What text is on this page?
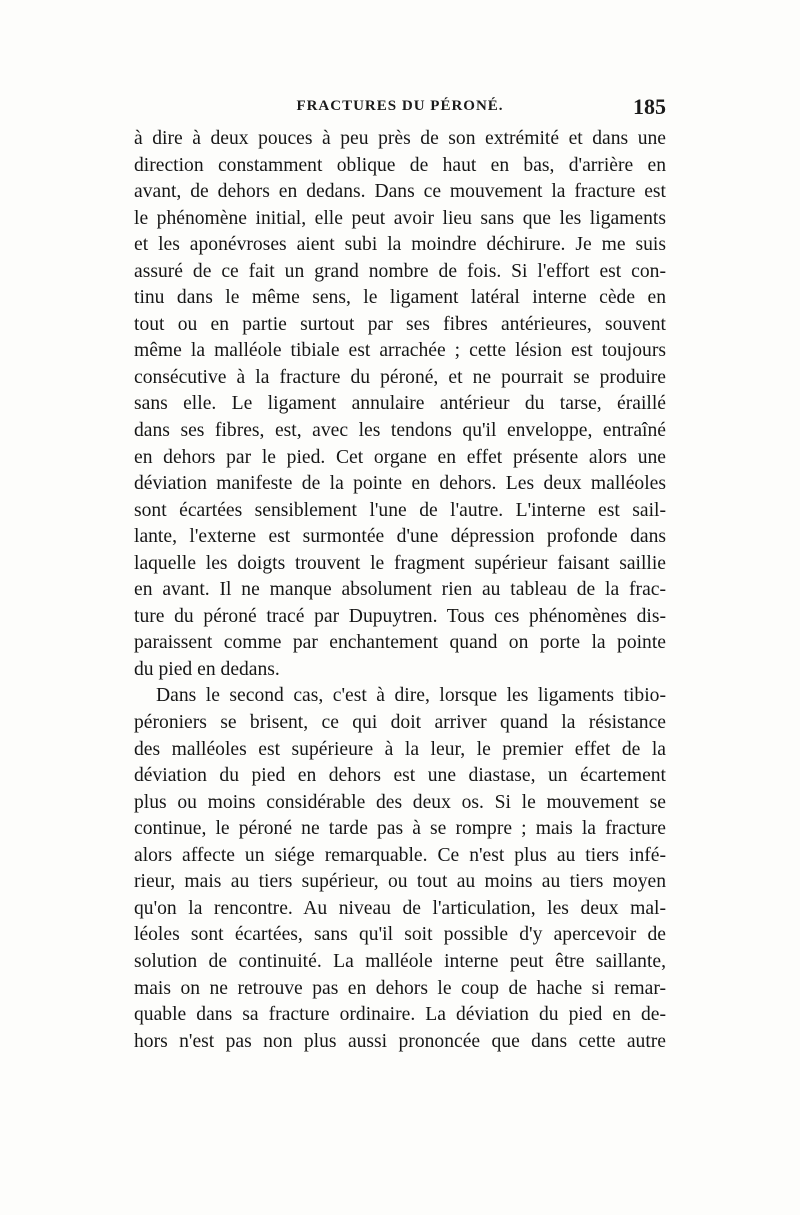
FRACTURES DU PÉRONÉ.	185
à dire à deux pouces à peu près de son extrémité et dans une
direction constamment oblique de haut en bas, d'arrière en
avant, de dehors en dedans. Dans ce mouvement la fracture est
le phénomène initial, elle peut avoir lieu sans que les ligaments
et les aponévroses aient subi la moindre déchirure. Je me suis
assuré de ce fait un grand nombre de fois. Si l'effort est con-
tinu dans le même sens, le ligament latéral interne cède en
tout ou en partie surtout par ses fibres antérieures, souvent
même la malléole tibiale est arrachée ; cette lésion est toujours
consécutive à la fracture du péroné, et ne pourrait se produire
sans elle. Le ligament annulaire antérieur du tarse, éraillé
dans ses fibres, est, avec les tendons qu'il enveloppe, entraîné
en dehors par le pied. Cet organe en effet présente alors une
déviation manifeste de la pointe en dehors. Les deux malléoles
sont écartées sensiblement l'une de l'autre. L'interne est sail-
lante, l'externe est surmontée d'une dépression profonde dans
laquelle les doigts trouvent le fragment supérieur faisant saillie
en avant. Il ne manque absolument rien au tableau de la frac-
ture du péroné tracé par Dupuytren. Tous ces phénomènes dis-
paraissent comme par enchantement quand on porte la pointe
du pied en dedans.
Dans le second cas, c'est à dire, lorsque les ligaments tibio-
péroniers se brisent, ce qui doit arriver quand la résistance
des malléoles est supérieure à la leur, le premier effet de la
déviation du pied en dehors est une diastase, un écartement
plus ou moins considérable des deux os. Si le mouvement se
continue, le péroné ne tarde pas à se rompre ; mais la fracture
alors affecte un siége remarquable. Ce n'est plus au tiers infé-
rieur, mais au tiers supérieur, ou tout au moins au tiers moyen
qu'on la rencontre. Au niveau de l'articulation, les deux mal-
léoles sont écartées, sans qu'il soit possible d'y apercevoir de
solution de continuité. La malléole interne peut être saillante,
mais on ne retrouve pas en dehors le coup de hache si remar-
quable dans sa fracture ordinaire. La déviation du pied en de-
hors n'est pas non plus aussi prononcée que dans cette autre
